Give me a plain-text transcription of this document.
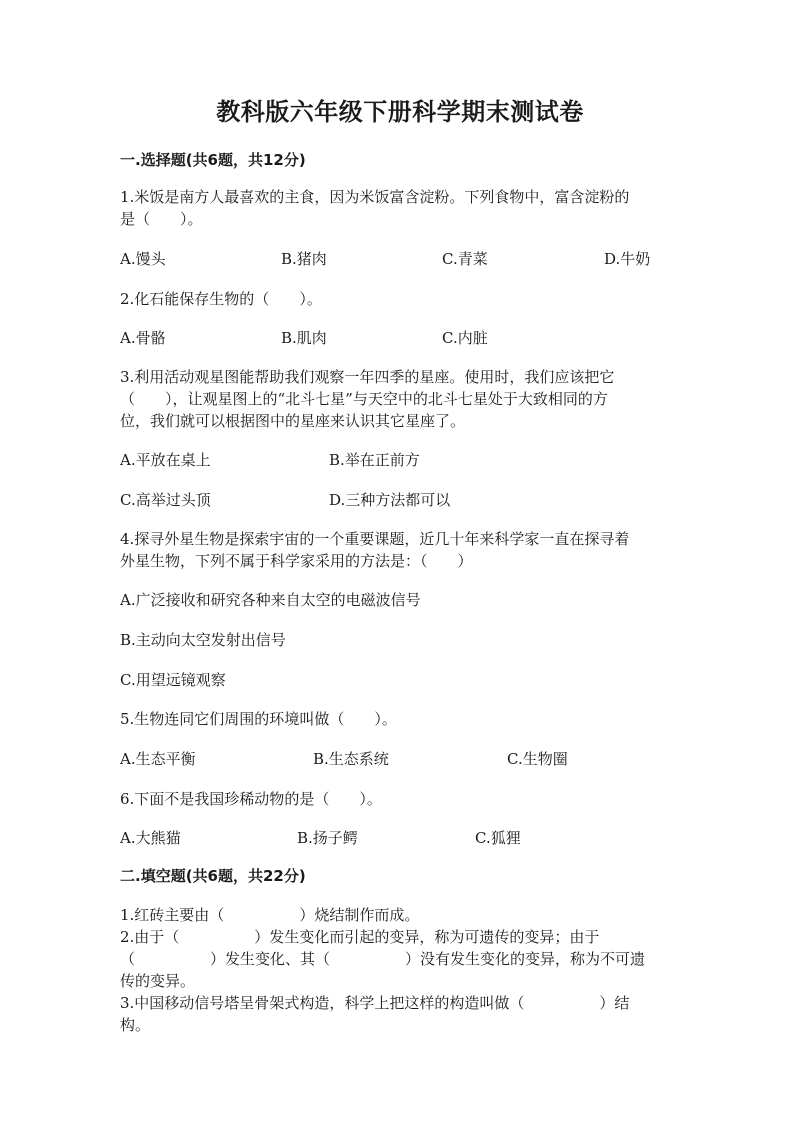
教科版六年级下册科学期末测试卷
一.选择题(共6题，共12分)
1.米饭是南方人最喜欢的主食，因为米饭富含淀粉。下列食物中，富含淀粉的
是（　　）。
A.馒头	B.猪肉	C.青菜	D.牛奶
2.化石能保存生物的（　　）。
A.骨骼	B.肌肉	C.内脏
3.利用活动观星图能帮助我们观察一年四季的星座。使用时，我们应该把它
（　　），让观星图上的“北斗七星”与天空中的北斗七星处于大致相同的方
位，我们就可以根据图中的星座来认识其它星座了。
A.平放在桌上	B.举在正前方
C.高举过头顶	D.三种方法都可以
4.探寻外星生物是探索宇宙的一个重要课题，近几十年来科学家一直在探寻着
外星生物，下列不属于科学家采用的方法是：（　　）
A.广泛接收和研究各种来自太空的电磁波信号
B.主动向太空发射出信号
C.用望远镜观察
5.生物连同它们周围的环境叫做（　　）。
A.生态平衡	B.生态系统	C.生物圈
6.下面不是我国珍稀动物的是（　　）。
A.大熊猫	B.扬子鳄	C.狐狸
二.填空题(共6题，共22分)
1.红砖主要由（　　　　　）烧结制作而成。
2.由于（　　　　　）发生变化而引起的变异，称为可遗传的变异；由于
（　　　　　）发生变化、其（　　　　　）没有发生变化的变异，称为不可遗
传的变异。
3.中国移动信号塔呈骨架式构造，科学上把这样的构造叫做（　　　　　）结
构。
